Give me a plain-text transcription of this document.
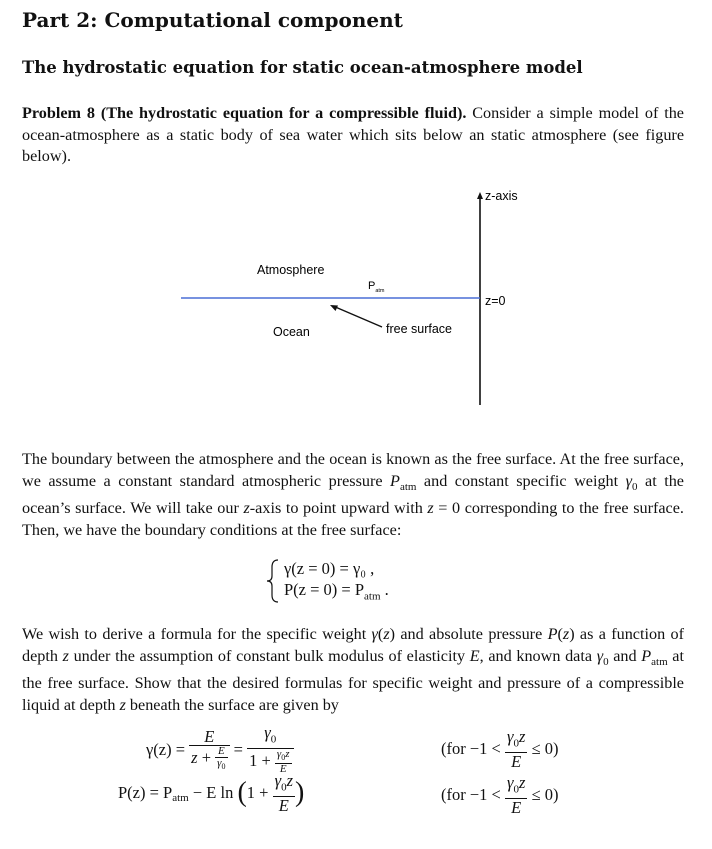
Part 2: Computational component
The hydrostatic equation for static ocean-atmosphere model
Problem 8 (The hydrostatic equation for a compressible fluid). Consider a simple model of the ocean-atmosphere as a static body of sea water which sits below an static atmosphere (see figure below).
z-axis
Atmosphere
$P_{atm}$
Ocean	free surface
z=0
The boundary between the atmosphere and the ocean is known as the free surface. At the free surface, we assume a constant standard atmospheric pressure $P_{atm}$ and constant specific weight $\gamma_0$ at the ocean’s surface. We will take our z-axis to point upward with z = 0 corresponding to the free surface. Then, we have the boundary conditions at the free surface:
γ(z = 0) = γ₀ ,
$P(z = 0) = P_{atm}$ .
We wish to derive a formula for the specific weight γ(z) and absolute pressure P(z) as a function of depth z under the assumption of constant bulk modulus of elasticity E, and known data $\gamma_0$ and $P_{atm}$ at the free surface. Show that the desired formulas for specific weight and pressure of a compressible liquid at depth z beneath the surface are given by
$\gamma(z) = \frac{E}{z + \frac{E}{\gamma_0}} = \frac{\gamma_0}{1 + \frac{\gamma_0z}{E}}$
$P(z) = P_{atm} - E$ $\ln (1 + \frac{\gamma_0z}{E}$ )
$(for -1 < \frac{\gamma_0z}{E} \le 0)$
$(for -1 < \frac{\gamma_0z}{E} \le 0)$
